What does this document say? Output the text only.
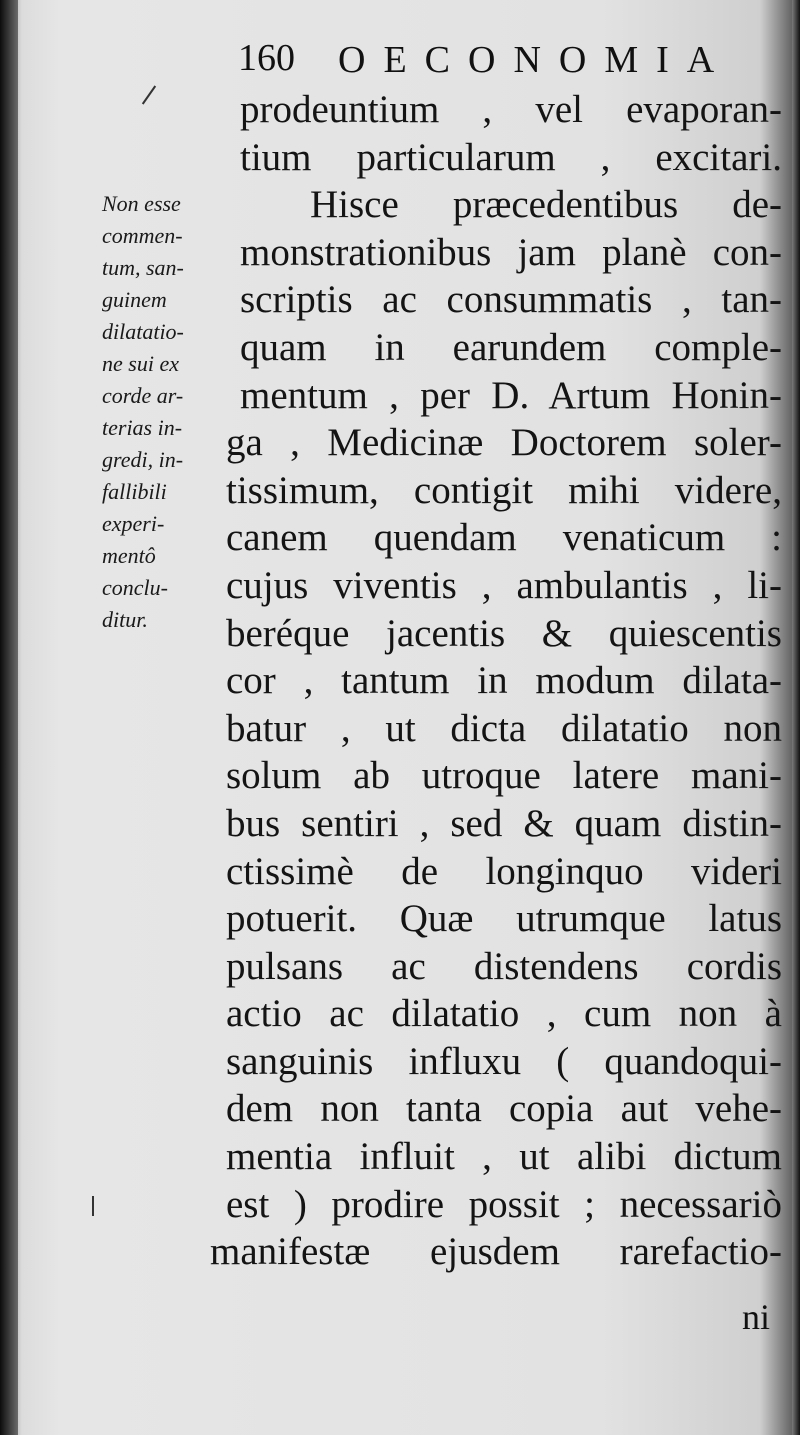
160 OECONOMIA
Non esse
commen-
tum, san-
guinem
dilatatio-
ne sui ex
corde ar-
terias in-
gredi, in-
fallibili
experi-
mentô
conclu-
ditur.
prodeuntium , vel evaporan-
tium particularum , excitari.
Hisce præcedentibus de-
monstrationibus jam planè con-
scriptis ac consummatis , tan-
quam in earundem comple-
mentum , per D. Artum Honin-
ga , Medicinæ Doctorem soler-
tissimum, contigit mihi videre,
canem quendam venaticum :
cujus viventis , ambulantis , li-
beréque jacentis & quiescentis
cor , tantum in modum dilata-
batur , ut dicta dilatatio non
solum ab utroque latere mani-
bus sentiri , sed & quam distin-
ctissimè de longinquo videri
potuerit. Quæ utrumque latus
pulsans ac distendens cordis
actio ac dilatatio , cum non à
sanguinis influxu ( quandoqui-
dem non tanta copia aut vehe-
mentia influit , ut alibi dictum
est ) prodire possit ; necessariò
manifestæ ejusdem rarefactio-
ni
